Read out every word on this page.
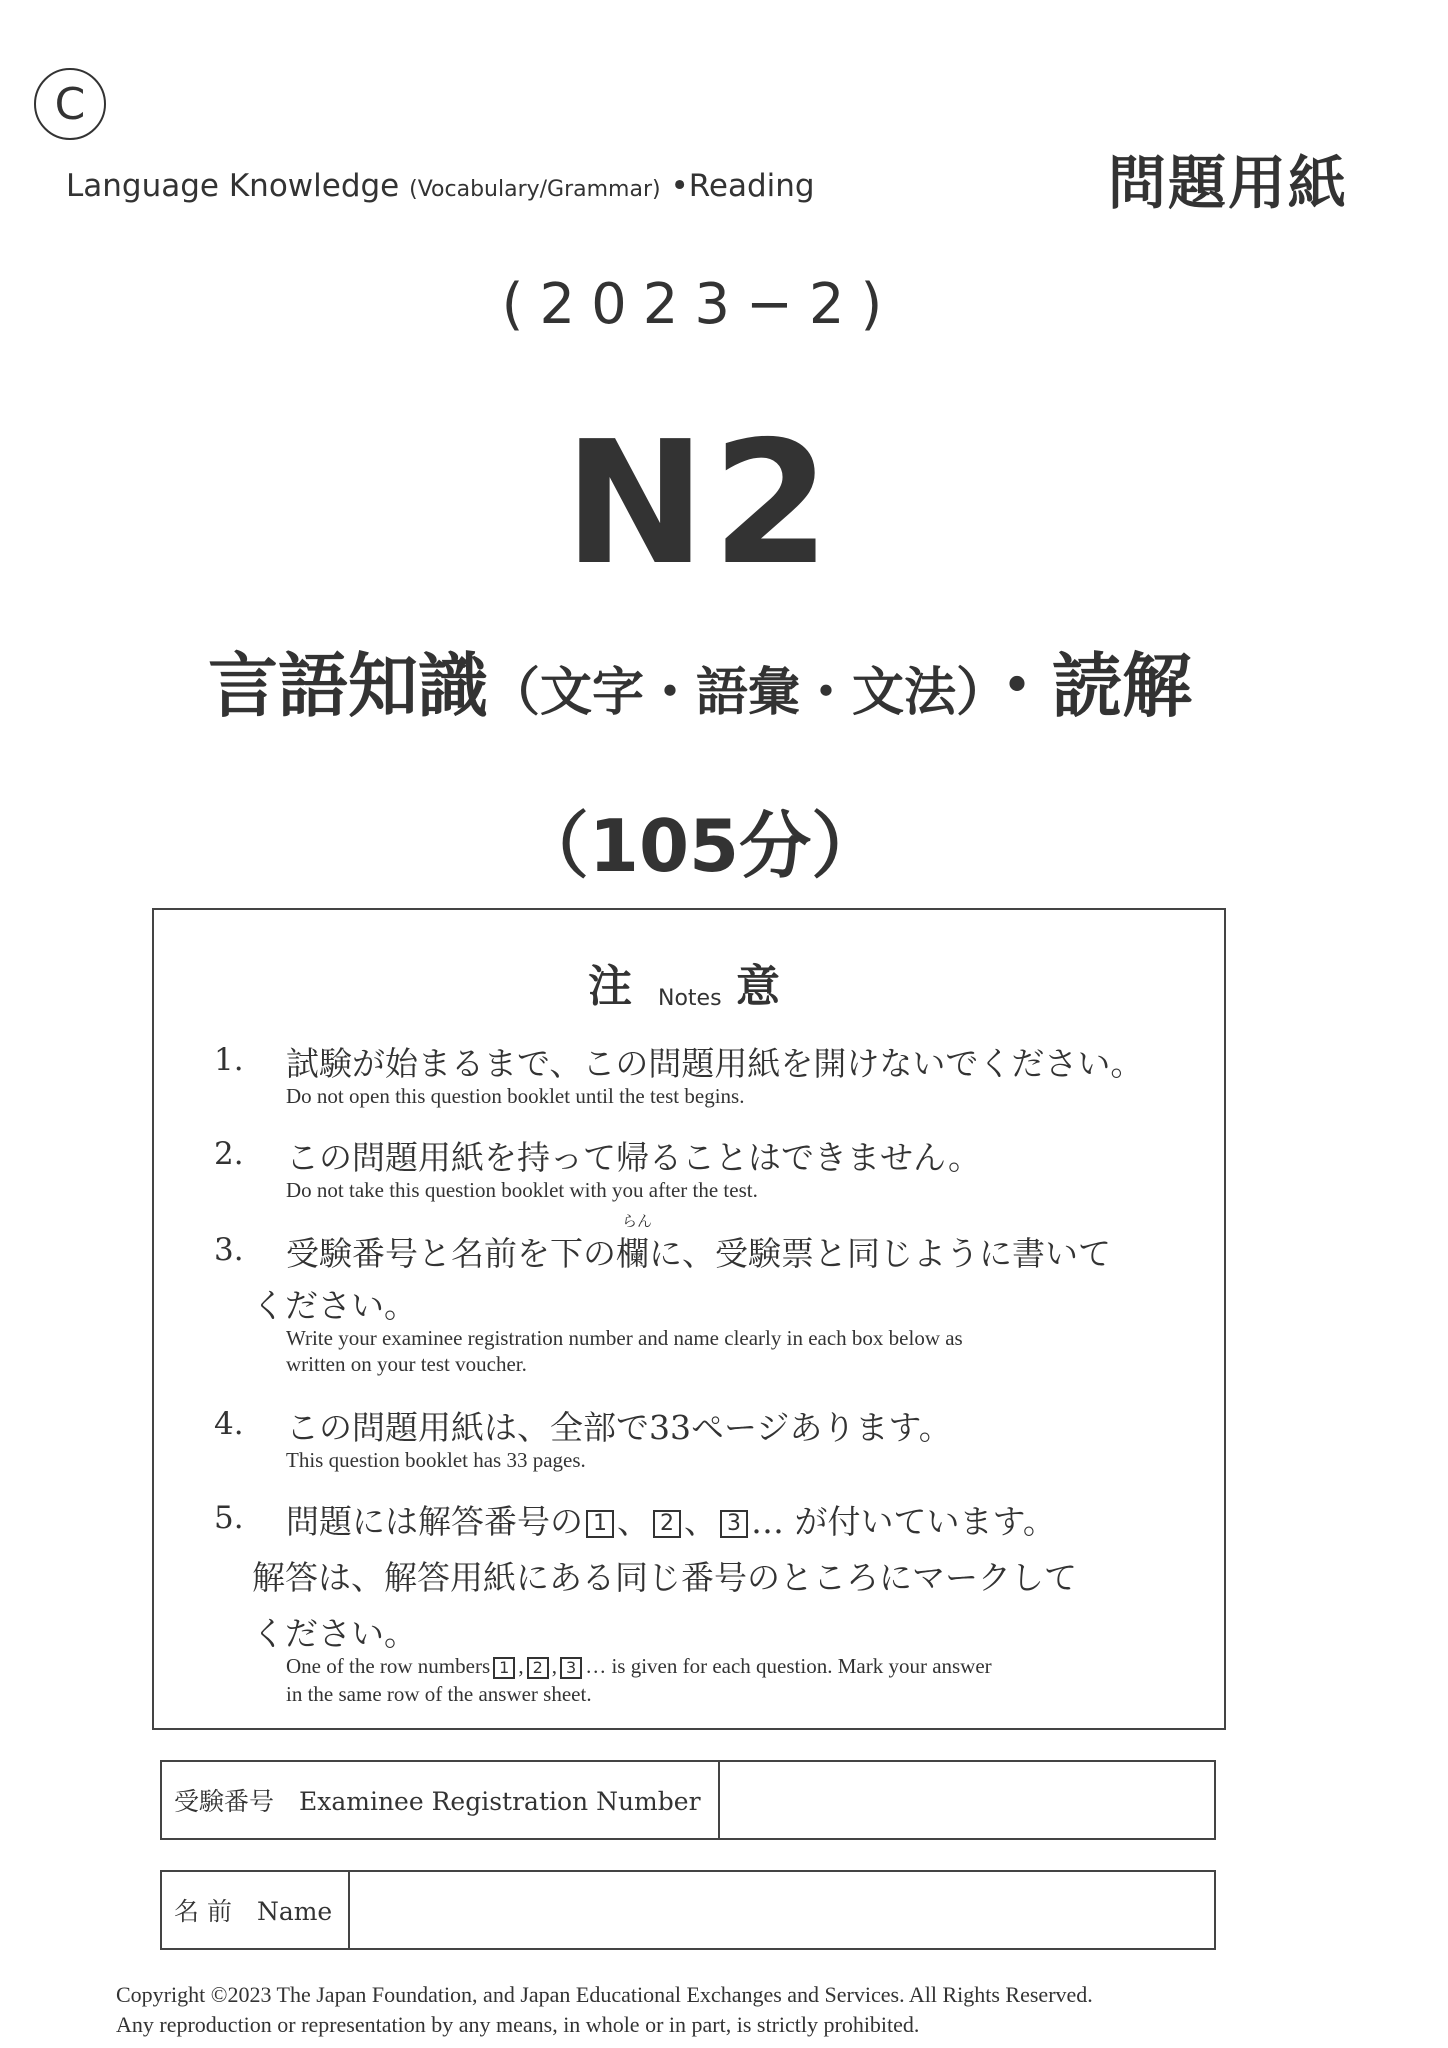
C
Language Knowledge (Vocabulary/Grammar) •Reading	問題用紙
(2023−2)
N2
言語知識（文字・語彙・文法）・読解
（105分）
注 意
Notes
1. 試験が始まるまで、この問題用紙を開けないでください。
Do not open this question booklet until the test begins.
2. この問題用紙を持って帰ることはできません。
Do not take this question booklet with you after the test.
3. 受験番号と名前を下の
らん
欄に、受験票と同じように書いて
ください。
Write your examinee registration number and name clearly in each box below as
written on your test voucher.
4. この問題用紙は、全部で33ページあります。
This question booklet has 33 pages.
5. 問題には解答番号の 1 、 2 、 3 … が付いています。
解答は、解答用紙にある同じ番号のところにマークして
ください。
One of the row numbers 1 , 2 , 3 … is given for each question. Mark your answer
in the same row of the answer sheet.
受験番号　Examinee Registration Number
名 前　Name
Copyright ©2023 The Japan Foundation, and Japan Educational Exchanges and Services. All Rights Reserved.
Any reproduction or representation by any means, in whole or in part, is strictly prohibited.
